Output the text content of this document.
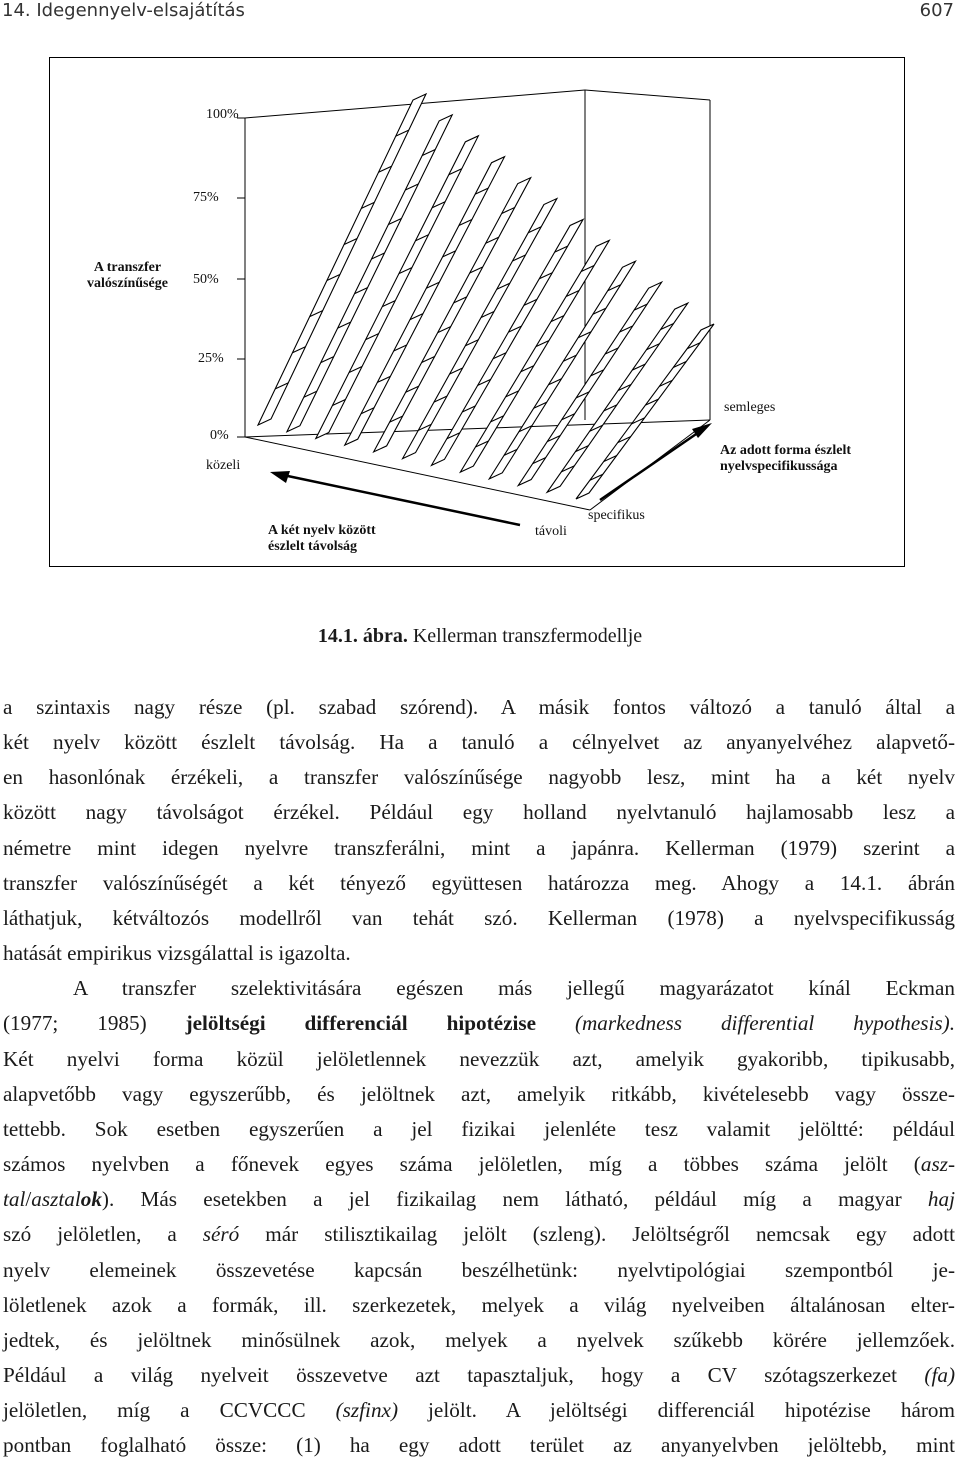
14. Idegennyelv-elsajátítás	607
100%
75%
50%
25%
0%
A transzfer
valószínűsége
közeli
távoli
A két nyelv között
észlelt távolság
specifikus
semleges
Az adott forma észlelt
nyelvspecifikussága
14.1. ábra. Kellerman transzfermodellje
a szintaxis nagy része (pl. szabad szórend). A másik fontos változó a tanuló által a
két nyelv között észlelt távolság. Ha a tanuló a célnyelvet az anyanyelvéhez alapvető-
en hasonlónak érzékeli, a transzfer valószínűsége nagyobb lesz, mint ha a két nyelv
között nagy távolságot érzékel. Például egy holland nyelvtanuló hajlamosabb lesz a
németre mint idegen nyelvre transzferálni, mint a japánra. Kellerman (1979) szerint a
transzfer valószínűségét a két tényező együttesen határozza meg. Ahogy a 14.1. ábrán
láthatjuk, kétváltozós modellről van tehát szó. Kellerman (1978) a nyelvspecifikusság
hatását empirikus vizsgálattal is igazolta.
A transzfer szelektivitására egészen más jellegű magyarázatot kínál Eckman
(1977; 1985) jelöltségi differenciál hipotézise (markedness differential hypothesis).
Két nyelvi forma közül jelöletlennek nevezzük azt, amelyik gyakoribb, tipikusabb,
alapvetőbb vagy egyszerűbb, és jelöltnek azt, amelyik ritkább, kivételesebb vagy össze-
tettebb. Sok esetben egyszerűen a jel fizikai jelenléte tesz valamit jelöltté: például
számos nyelvben a főnevek egyes száma jelöletlen, míg a többes száma jelölt (asz-
tal/asztalok). Más esetekben a jel fizikailag nem látható, például míg a magyar haj
szó jelöletlen, a séró már stilisztikailag jelölt (szleng). Jelöltségről nemcsak egy adott
nyelv elemeinek összevetése kapcsán beszélhetünk: nyelvtipológiai szempontból je-
löletlenek azok a formák, ill. szerkezetek, melyek a világ nyelveiben általánosan elter-
jedtek, és jelöltnek minősülnek azok, melyek a nyelvek szűkebb körére jellemzőek.
Például a világ nyelveit összevetve azt tapasztaljuk, hogy a CV szótagszerkezet (fa)
jelöletlen, míg a CCVCCC (szfinx) jelölt. A jelöltségi differenciál hipotézise három
pontban foglalható össze: (1) ha egy adott terület az anyanyelvben jelöltebb, mint
